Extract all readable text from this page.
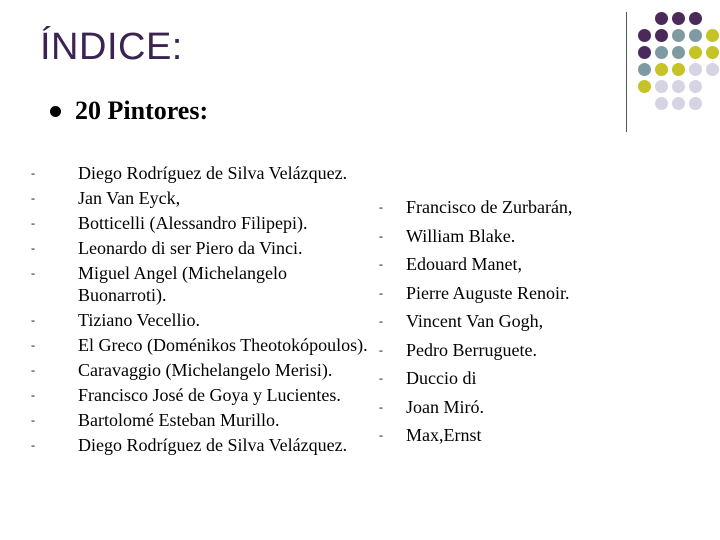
ÍNDICE:
20 Pintores:
- Diego Rodríguez de Silva Velázquez.
- Jan Van Eyck,
- Botticelli (Alessandro Filipepi).
- Leonardo di ser Piero da Vinci.
- Miguel Angel (Michelangelo Buonarroti).
- Tiziano Vecellio.
- El Greco (Doménikos Theotokópoulos).
- Caravaggio (Michelangelo Merisi).
- Francisco José de Goya y Lucientes.
- Bartolomé Esteban Murillo.
- Diego Rodríguez de Silva Velázquez.
- Francisco de Zurbarán,
- William Blake.
- Edouard Manet,
- Pierre Auguste Renoir.
- Vincent Van Gogh,
- Pedro Berruguete.
- Duccio di
- Joan Miró.
- Max,Ernst
